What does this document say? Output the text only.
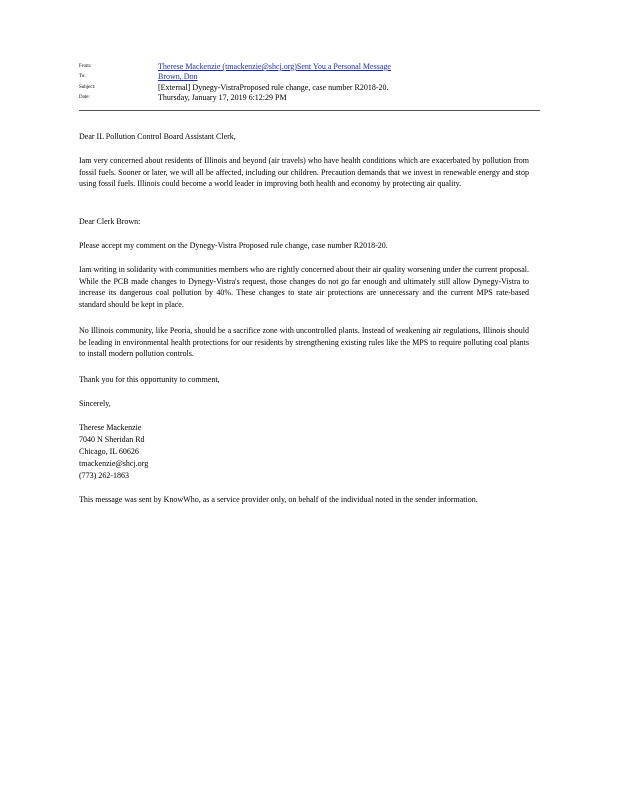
From:	Therese Mackenzie (tmackenzie@shcj.org)Sent You a Personal Message
To:	Brown, Don
Subject:	[External] Dynegy-VistraProposed rule change, case number R2018-20.
Date:	Thursday, January 17, 2019 6:12:29 PM
Dear IL Pollution Control Board Assistant Clerk,
Iam very concerned about residents of Illinois and beyond (air travels) who have health conditions which are exacerbated by pollution from fossil fuels. Sooner or later, we will all be affected, including our children. Precaution demands that we invest in renewable energy and stop using fossil fuels. Illinois could become a world leader in improving both health and economy by protecting air quality.
Dear Clerk Brown:
Please accept my comment on the Dynegy-Vistra Proposed rule change, case number R2018-20.
Iam writing in solidarity with communities members who are rightly concerned about their air quality worsening under the current proposal. While the PCB made changes to Dynegy-Vistra's request, those changes do not go far enough and ultimately still allow Dynegy-Vistra to increase its dangerous coal pollution by 40%. These changes to state air protections are unnecessary and the current MPS rate-based standard should be kept in place.
No Illinois community, like Peoria, should be a sacrifice zone with uncontrolled plants. Instead of weakening air regulations, Illinois should be leading in environmental health protections for our residents by strengthening existing rules like the MPS to require polluting coal plants to install modern pollution controls.
Thank you for this opportunity to comment,
Sincerely,
Therese Mackenzie
7040 N Sheridan Rd
Chicago, IL 60626
tmackenzie@shcj.org
(773) 262-1863
This message was sent by KnowWho, as a service provider only, on behalf of the individual noted in the sender information.
